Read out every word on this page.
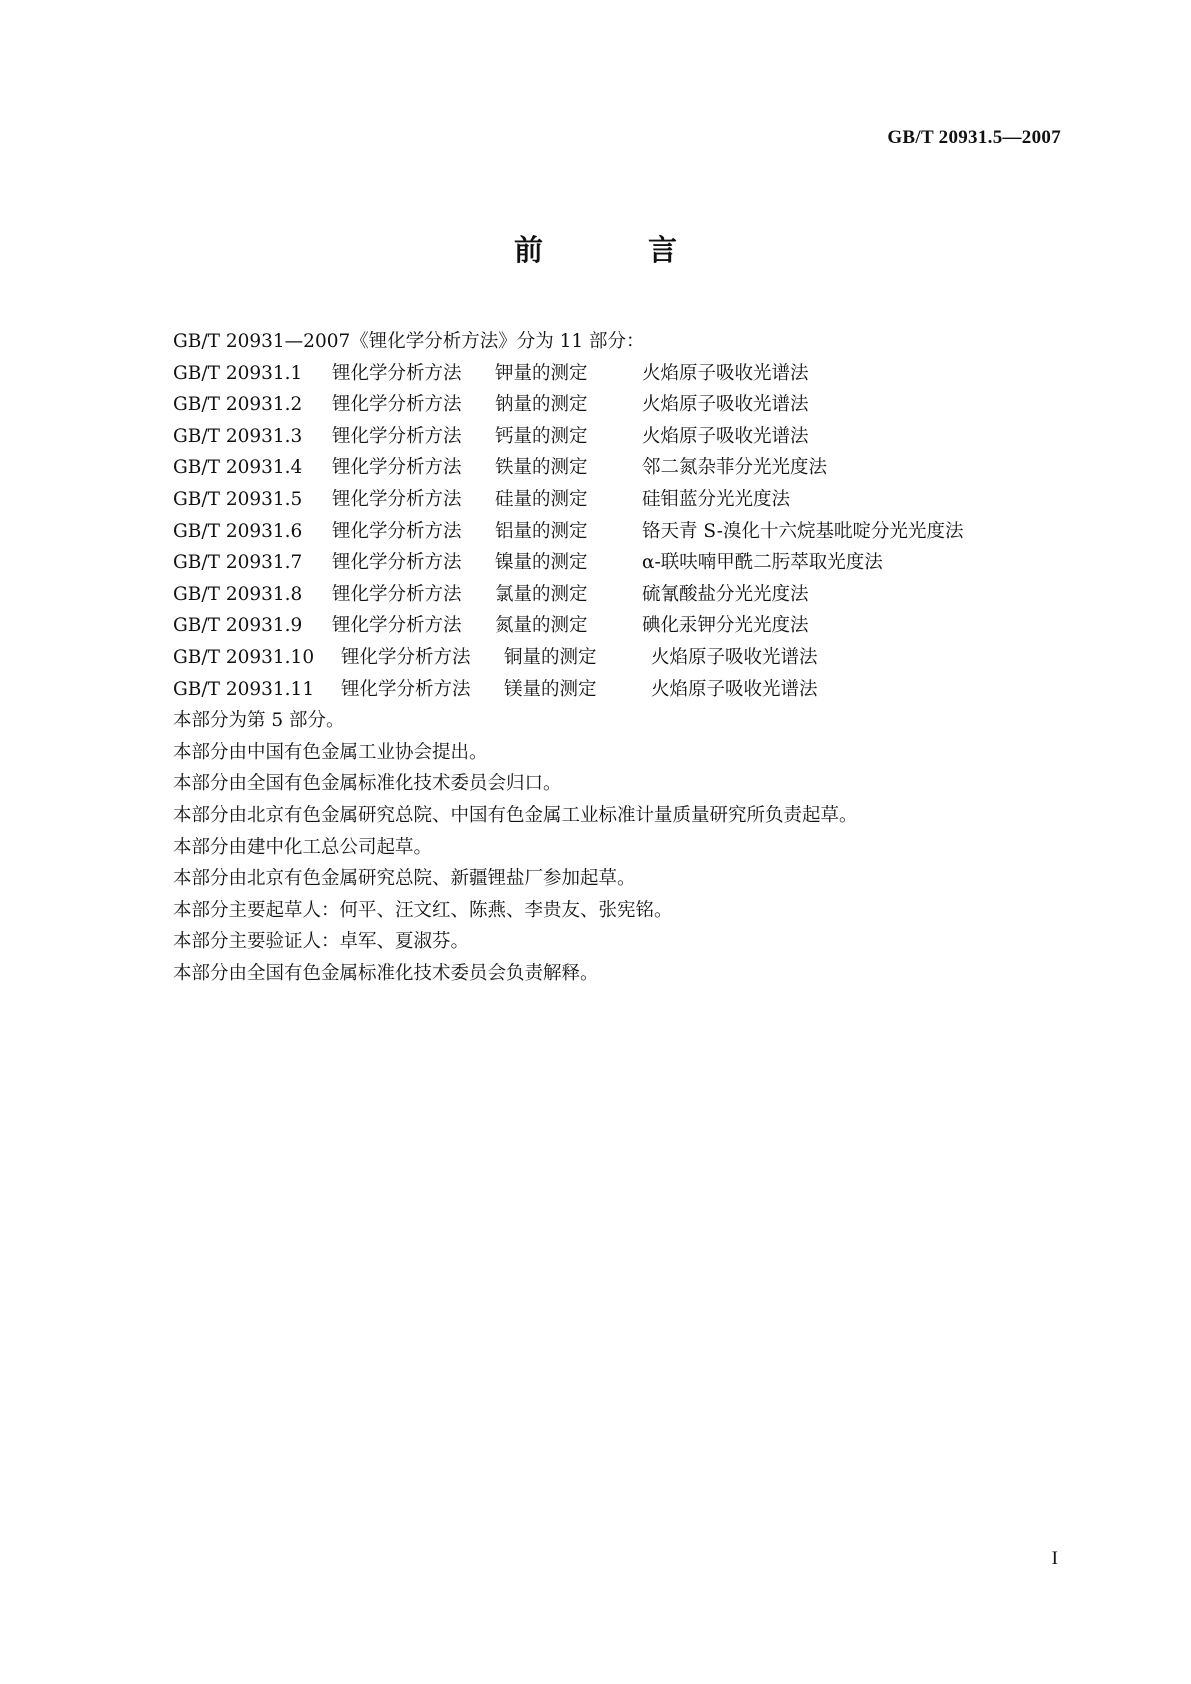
GB/T 20931.5—2007
前　言
GB/T 20931—2007《锂化学分析方法》分为 11 部分：
GB/T 20931.1	锂化学分析方法	钾量的测定	火焰原子吸收光谱法
GB/T 20931.2	锂化学分析方法	钠量的测定	火焰原子吸收光谱法
GB/T 20931.3	锂化学分析方法	钙量的测定	火焰原子吸收光谱法
GB/T 20931.4	锂化学分析方法	铁量的测定	邻二氮杂菲分光光度法
GB/T 20931.5	锂化学分析方法	硅量的测定	硅钼蓝分光光度法
GB/T 20931.6	锂化学分析方法	铝量的测定	铬天青 S-溴化十六烷基吡啶分光光度法
GB/T 20931.7	锂化学分析方法	镍量的测定	α-联呋喃甲酰二肟萃取光度法
GB/T 20931.8	锂化学分析方法	氯量的测定	硫氰酸盐分光光度法
GB/T 20931.9	锂化学分析方法	氮量的测定	碘化汞钾分光光度法
GB/T 20931.10	锂化学分析方法	铜量的测定	火焰原子吸收光谱法
GB/T 20931.11	锂化学分析方法	镁量的测定	火焰原子吸收光谱法
本部分为第 5 部分。
本部分由中国有色金属工业协会提出。
本部分由全国有色金属标准化技术委员会归口。
本部分由北京有色金属研究总院、中国有色金属工业标准计量质量研究所负责起草。
本部分由建中化工总公司起草。
本部分由北京有色金属研究总院、新疆锂盐厂参加起草。
本部分主要起草人：何平、汪文红、陈燕、李贵友、张宪铭。
本部分主要验证人：卓军、夏淑芬。
本部分由全国有色金属标准化技术委员会负责解释。
I
